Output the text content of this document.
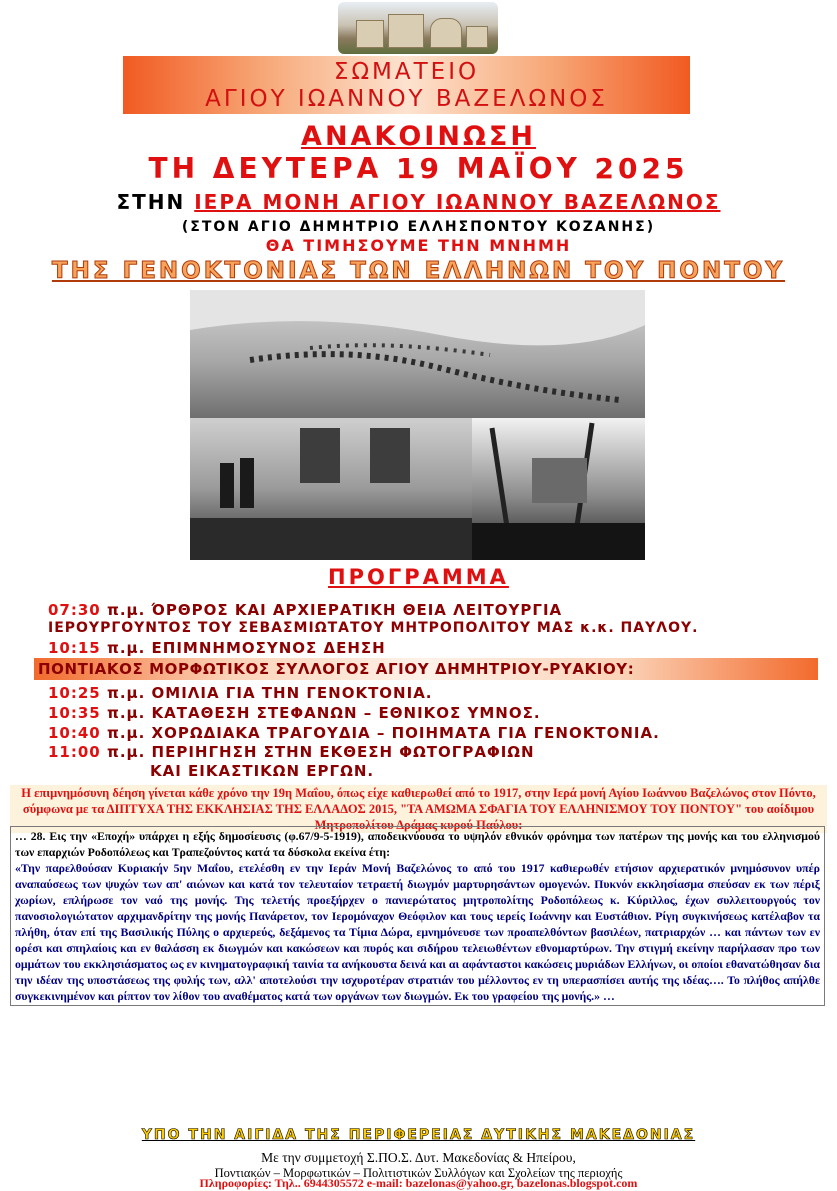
ΣΩΜΑΤΕΙΟ
ΑΓΙΟΥ ΙΩΑΝΝΟΥ ΒΑΖΕΛΩΝΟΣ
ΑΝΑΚΟΙΝΩΣΗ
ΤΗ ΔΕΥΤΕΡΑ 19 ΜΑΪΟΥ 2025
ΣΤΗΝ ΙΕΡΑ ΜΟΝΗ ΑΓΙΟΥ ΙΩΑΝΝΟΥ ΒΑΖΕΛΩΝΟΣ
(ΣΤΟΝ ΑΓΙΟ ΔΗΜΗΤΡΙΟ ΕΛΛΗΣΠΟΝΤΟΥ ΚΟΖΑΝΗΣ)
ΘΑ ΤΙΜΗΣΟΥΜΕ ΤΗΝ ΜΝΗΜΗ
ΤΗΣ ΓΕΝΟΚΤΟΝΙΑΣ ΤΩΝ ΕΛΛΗΝΩΝ ΤΟΥ ΠΟΝΤΟΥ
ΠΡΟΓΡΑΜΜΑ
07:30 π.μ. ΌΡΘΡΟΣ ΚΑΙ ΑΡΧΙΕΡΑΤΙΚΗ ΘΕΙΑ ΛΕΙΤΟΥΡΓΙΑ
ΙΕΡΟΥΡΓΟΥΝΤΟΣ ΤΟΥ ΣΕΒΑΣΜΙΩΤΑΤΟΥ ΜΗΤΡΟΠΟΛΙΤΟΥ ΜΑΣ κ.κ. ΠΑΥΛΟΥ.
10:15 π.μ. ΕΠΙΜΝΗΜΟΣΥΝΟΣ ΔΕΗΣΗ
ΠΟΝΤΙΑΚΟΣ ΜΟΡΦΩΤΙΚΟΣ ΣΥΛΛΟΓΟΣ ΑΓΙΟΥ ΔΗΜΗΤΡΙΟΥ-ΡΥΑΚΙΟΥ:
10:25 π.μ. ΟΜΙΛΙΑ ΓΙΑ ΤΗΝ ΓΕΝΟΚΤΟΝΙΑ.
10:35 π.μ. ΚΑΤΑΘΕΣΗ ΣΤΕΦΑΝΩΝ – ΕΘΝΙΚΟΣ ΥΜΝΟΣ.
10:40 π.μ. ΧΟΡΩΔΙΑΚΑ ΤΡΑΓΟΥΔΙΑ – ΠΟΙΗΜΑΤΑ ΓΙΑ ΓΕΝΟΚΤΟΝΙΑ.
11:00 π.μ. ΠΕΡΙΗΓΗΣΗ ΣΤΗΝ ΕΚΘΕΣΗ ΦΩΤΟΓΡΑΦΙΩΝ
ΚΑΙ ΕΙΚΑΣΤΙΚΩΝ ΕΡΓΩΝ.
Η επιμνημόσυνη δέηση γίνεται κάθε χρόνο την 19η Μαΐου, όπως είχε καθιερωθεί από το 1917, στην Ιερά μονή Αγίου Ιωάννου Βαζελώνος στον Πόντο, σύμφωνα με τα ΔΙΠΤΥΧΑ ΤΗΣ ΕΚΚΛΗΣΙΑΣ ΤΗΣ ΕΛΛΑΔΟΣ 2015, "ΤΑ ΑΜΩΜΑ ΣΦΑΓΙΑ ΤΟΥ ΕΛΛΗΝΙΣΜΟΥ ΤΟΥ ΠΟΝΤΟΥ" του αοίδιμου Μητροπολίτου Δράμας κυρού Παύλου:
… 28. Εις την «Εποχή» υπάρχει η εξής δημοσίευσις (φ.67/9-5-1919), αποδεικνύουσα το υψηλόν εθνικόν φρόνημα των πατέρων της μονής και του ελληνισμού των επαρχιών Ροδοπόλεως και Τραπεζούντος κατά τα δύσκολα εκείνα έτη:
«Την παρελθούσαν Κυριακήν 5ην Μαΐου, ετελέσθη εν την Ιεράν Μονή Βαζελώνος το από του 1917 καθιερωθέν ετήσιον αρχιερατικόν μνημόσυνον υπέρ αναπαύσεως των ψυχών των απ' αιώνων και κατά τον τελευταίον τετραετή διωγμόν μαρτυρησάντων ομογενών. Πυκνόν εκκλησίασμα σπεύσαν εκ των πέριξ χωρίων, επλήρωσε τον ναό της μονής. Της τελετής προεξήρχεν ο πανιερώτατος μητροπολίτης Ροδοπόλεως κ. Κύριλλος, έχων συλλειτουργούς τον πανοσιολογιώτατον αρχιμανδρίτην της μονής Πανάρετον, τον Ιερομόναχον Θεόφιλον και τους ιερείς Ιωάννην και Ευστάθιον. Ρίγη συγκινήσεως κατέλαβον τα πλήθη, όταν επί της Βασιλικής Πύλης ο αρχιερεύς, δεξάμενος τα Τίμια Δώρα, εμνημόνευσε των προαπελθόντων βασιλέων, πατριαρχών … και πάντων των εν ορέσι και σπηλαίοις και εν θαλάσση εκ διωγμών και κακώσεων και πυρός και σιδήρου τελειωθέντων εθνομαρτύρων. Την στιγμή εκείνην παρήλασαν προ των ομμάτων του εκκλησιάσματος ως εν κινηματογραφική ταινία τα ανήκουστα δεινά και αι αφάνταστοι κακώσεις μυριάδων Ελλήνων, οι οποίοι εθανατώθησαν δια την ιδέαν της υποστάσεως της φυλής των, αλλ' αποτελούσι την ισχυροτέραν στρατιάν του μέλλοντος εν τη υπερασπίσει αυτής της ιδέας…. Το πλήθος απήλθε συγκεκινημένον και ρίπτον τον λίθον του αναθέματος κατά των οργάνων των διωγμών. Εκ του γραφείου της μονής.» …
ΥΠΟ ΤΗΝ ΑΙΓΙΔΑ ΤΗΣ ΠΕΡΙΦΕΡΕΙΑΣ ΔΥΤΙΚΗΣ ΜΑΚΕΔΟΝΙΑΣ
Με την συμμετοχή Σ.ΠΟ.Σ. Δυτ. Μακεδονίας & Ηπείρου,
Ποντιακών – Μορφωτικών – Πολιτιστικών Συλλόγων και Σχολείων της περιοχής
Πληροφορίες: Τηλ.. 6944305572 e-mail: bazelonas@yahoo.gr, bazelonas.blogspot.com
